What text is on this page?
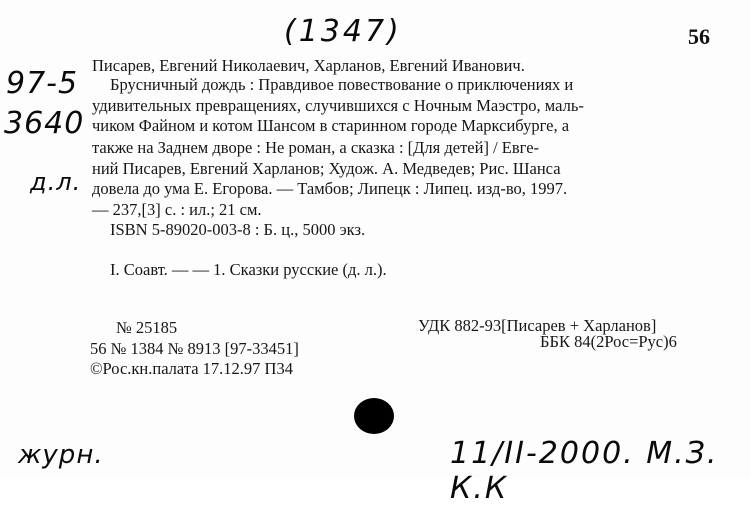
(1347)	56
97-5
3640
д.л.
Писарев, Евгений Николаевич, Харланов, Евгений Иванович.
Брусничный дождь : Правдивое повествование о приключениях и
удивительных превращениях, случившихся с Ночным Маэстро, маль-
чиком Файном и котом Шансом в старинном городе Марксибурге, а
также на Заднем дворе : Не роман, а сказка : [Для детей] / Евге-
ний Писарев, Евгений Харланов; Худож. А. Медведев; Рис. Шанса
довела до ума Е. Егорова. — Тамбов; Липецк : Липец. изд-во, 1997.
— 237,[3] с. : ил.; 21 см.
ISBN 5-89020-003-8 : Б. ц., 5000 экз.
I. Соавт. — — 1. Сказки русские (д. л.).
№ 25185
56 № 1384 № 8913 [97-33451]
©Рос.кн.палата 17.12.97 П34
УДК 882-93[Писарев + Харланов]
ББК 84(2Рос=Рус)6
журн.	11/II-2000. М.З. К.К
